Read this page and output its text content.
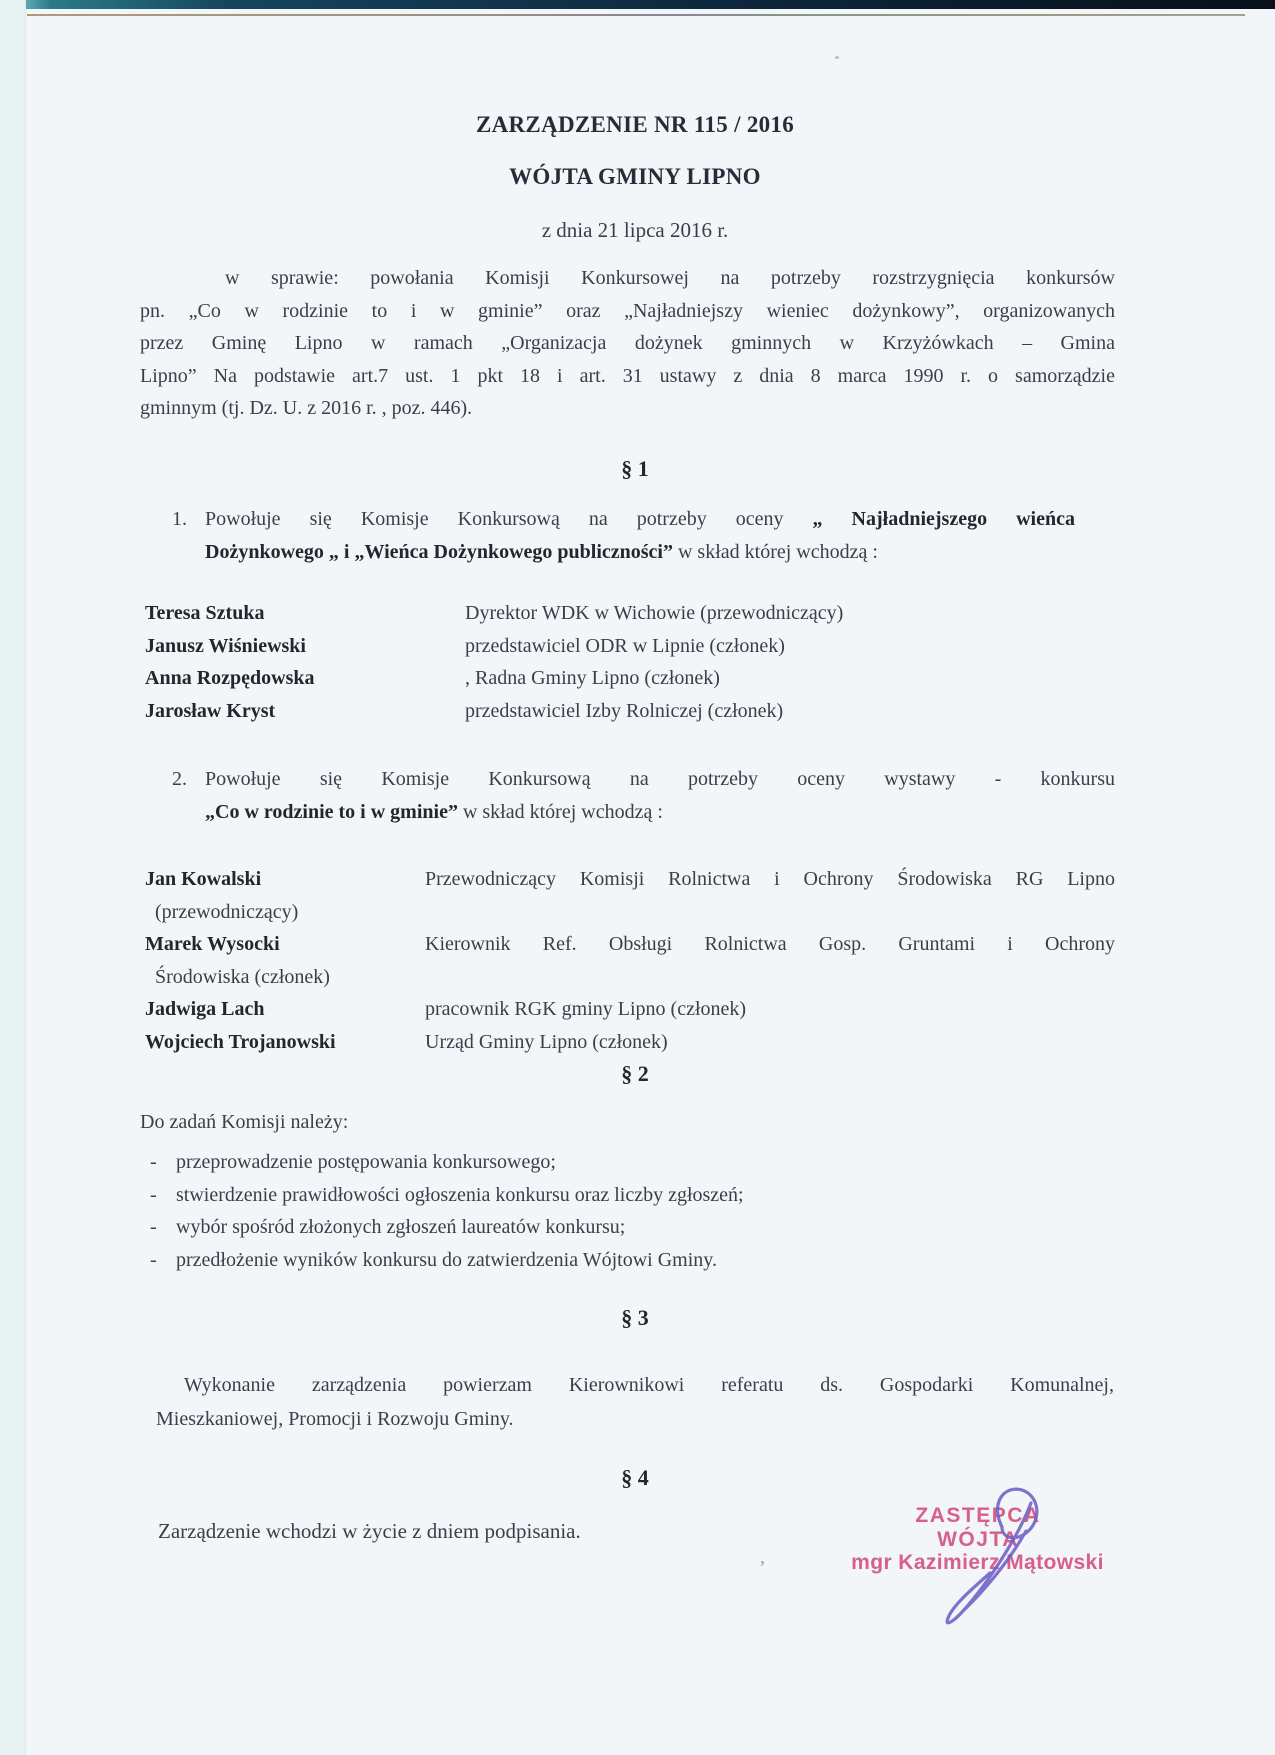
ZARZĄDZENIE NR 115 / 2016
WÓJTA GMINY LIPNO
z dnia 21 lipca 2016 r.
w sprawie: powołania Komisji Konkursowej na potrzeby rozstrzygnięcia konkursów
pn. „Co w rodzinie to i w gminie” oraz „Najładniejszy wieniec dożynkowy”, organizowanych
przez Gminę Lipno w ramach „Organizacja dożynek gminnych w Krzyżówkach – Gmina
Lipno” Na podstawie art.7 ust. 1 pkt 18 i art. 31 ustawy z dnia 8 marca 1990 r. o samorządzie
gminnym (tj. Dz. U. z 2016 r. , poz. 446).
§ 1
1. Powołuje się Komisje Konkursową na potrzeby oceny „ Najładniejszego wieńca
Dożynkowego „ i „Wieńca Dożynkowego publiczności” w skład której wchodzą :
Teresa Sztuka	Dyrektor WDK w Wichowie (przewodniczący)
Janusz Wiśniewski	przedstawiciel ODR w Lipnie (członek)
Anna Rozpędowska	, Radna Gminy Lipno (członek)
Jarosław Kryst	przedstawiciel Izby Rolniczej (członek)
2. Powołuje się Komisje Konkursową na potrzeby oceny wystawy - konkursu
„Co w rodzinie to i w gminie” w skład której wchodzą :
Jan Kowalski	Przewodniczący Komisji Rolnictwa i Ochrony Środowiska RG Lipno
(przewodniczący)
Marek Wysocki	Kierownik Ref. Obsługi Rolnictwa Gosp. Gruntami i Ochrony
Środowiska (członek)
Jadwiga Lach	pracownik RGK gminy Lipno (członek)
Wojciech Trojanowski	Urząd Gminy Lipno (członek)
§ 2
Do zadań Komisji należy:
- przeprowadzenie postępowania konkursowego;
- stwierdzenie prawidłowości ogłoszenia konkursu oraz liczby zgłoszeń;
- wybór spośród złożonych zgłoszeń laureatów konkursu;
- przedłożenie wyników konkursu do zatwierdzenia Wójtowi Gminy.
§ 3
Wykonanie zarządzenia powierzam Kierownikowi referatu ds. Gospodarki Komunalnej,
Mieszkaniowej, Promocji i Rozwoju Gminy.
§ 4
Zarządzenie wchodzi w życie z dniem podpisania.
ZASTĘPCA WÓJTA
mgr Kazimierz Mątowski
,
